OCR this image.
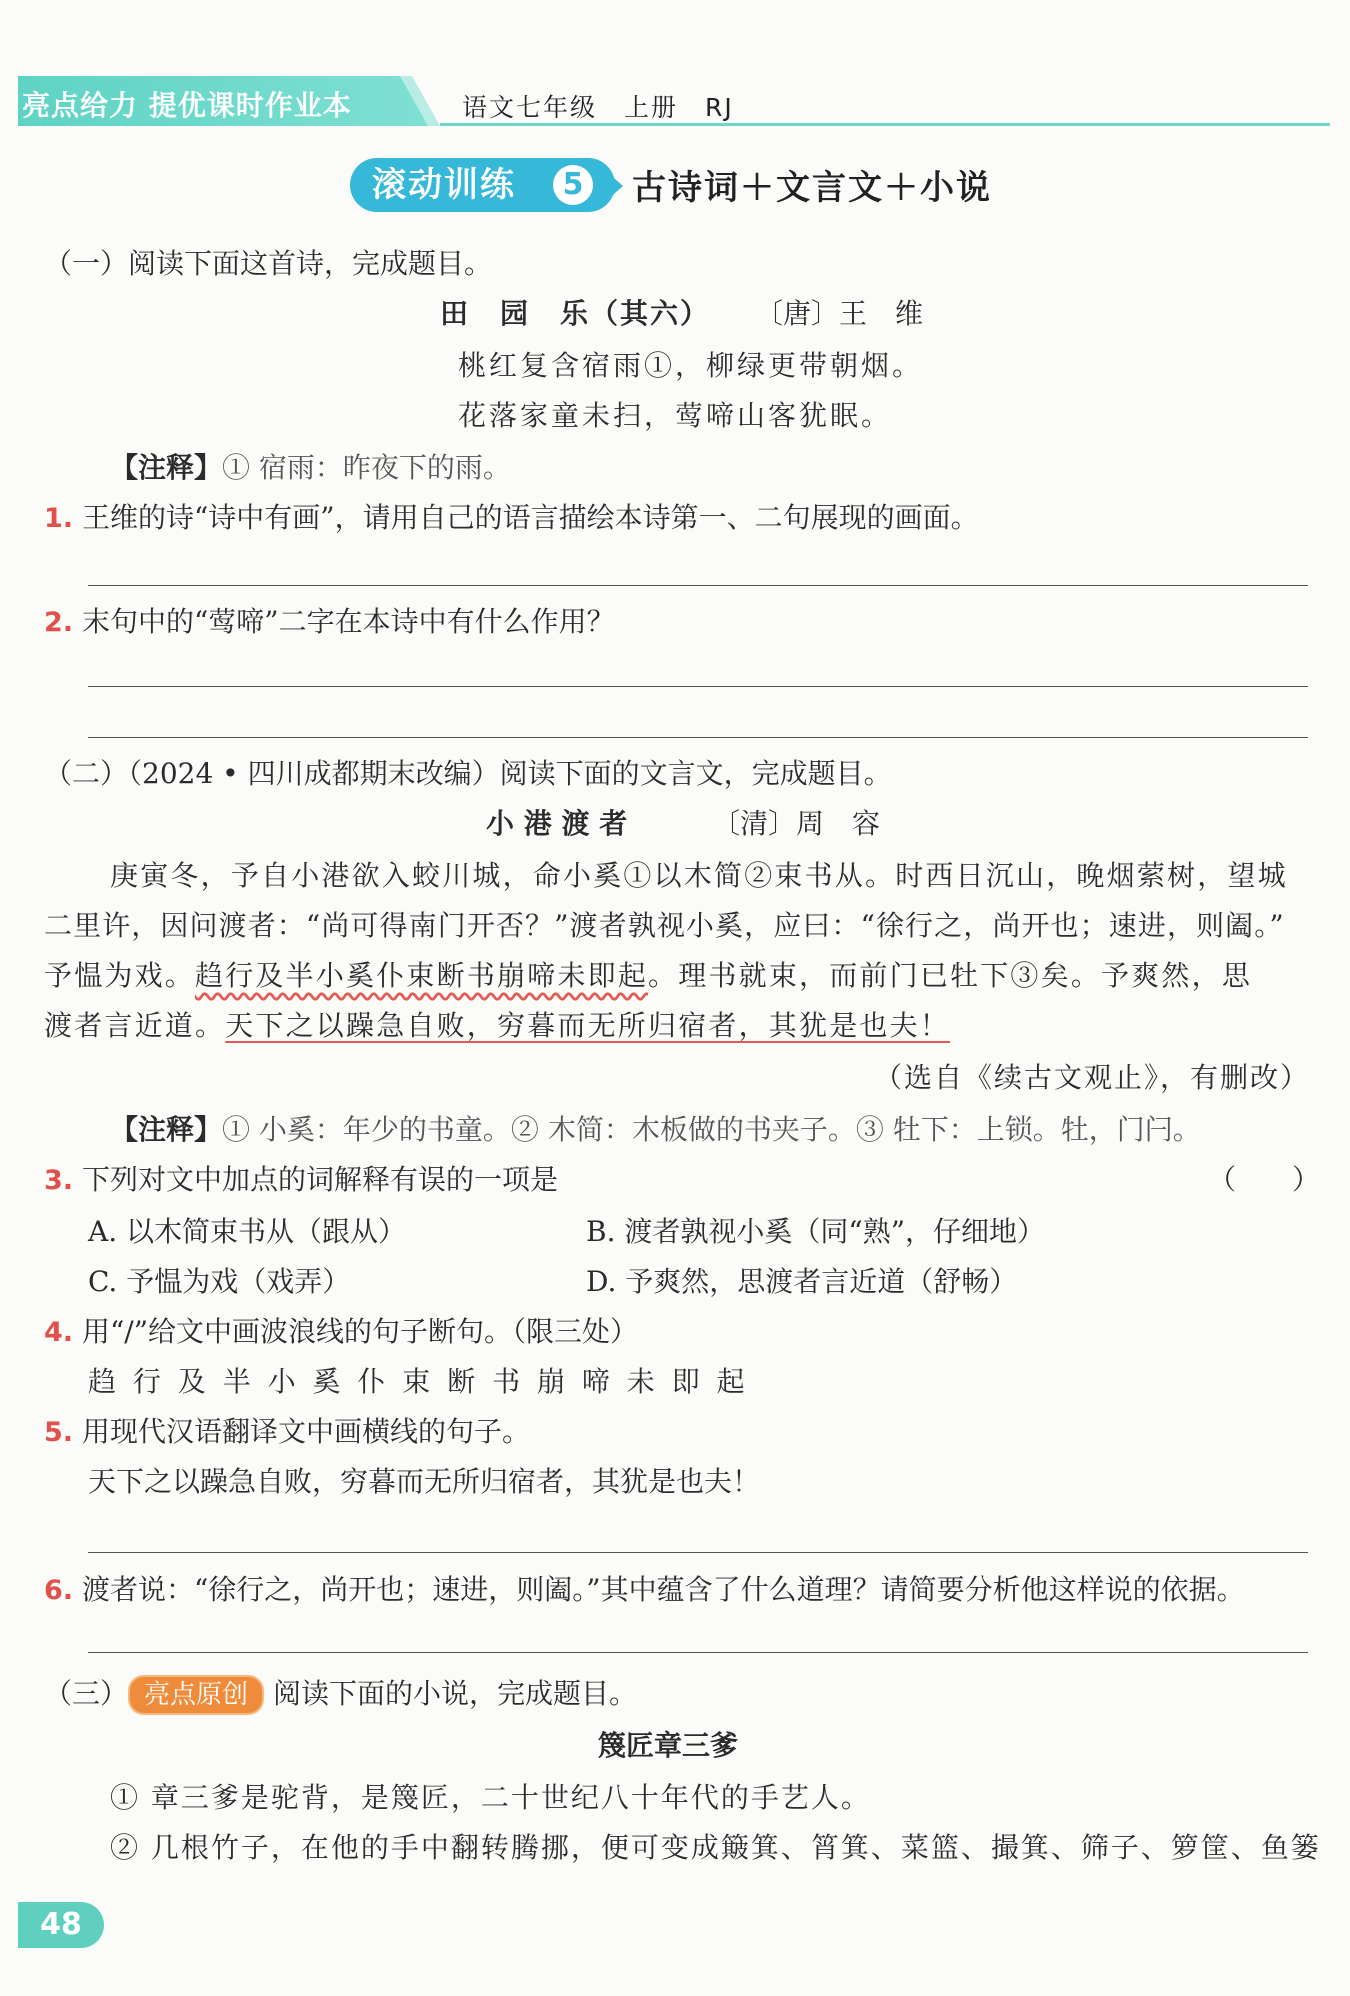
亮点给力 提优课时作业本	语文七年级　上册　RJ
滚动训练	5 古诗词＋文言文＋小说
（一）阅读下面这首诗，完成题目。
田　园　乐（其六） 〔唐〕王　维
桃红复含宿雨①，柳绿更带朝烟。
花落家童未扫，莺啼山客犹眠。
【注释】① 宿雨：昨夜下的雨。
1. 王维的诗“诗中有画”，请用自己的语言描绘本诗第一、二句展现的画面。
2. 末句中的“莺啼”二字在本诗中有什么作用？
（二）（2024 • 四川成都期末改编）阅读下面的文言文，完成题目。
小 港 渡 者	〔清〕周　容
庚寅冬，予自小港欲入蛟川城，命小奚①以木简②束书从。时西日沉山，晚烟萦树，望城
二里许，因问渡者：“尚可得南门开否？”渡者孰视小奚，应曰：“徐行之，尚开也；速进，则阖。”
予愠为戏。趋行及半小奚仆束断书崩啼未即起。理书就束，而前门已牡下③矣。予爽然，思
渡者言近道。天下之以躁急自败，穷暮而无所归宿者，其犹是也夫！
（选自《续古文观止》，有删改）
【注释】① 小奚：年少的书童。② 木简：木板做的书夹子。③ 牡下：上锁。牡，门闩。
3. 下列对文中加点的词解释有误的一项是	（　　）
A. 以木简束书从（跟从）	B. 渡者孰视小奚（同“熟”，仔细地）
C. 予愠为戏（戏弄）	D. 予爽然，思渡者言近道（舒畅）
4. 用“/”给文中画波浪线的句子断句。（限三处）
趋 行 及 半 小 奚 仆 束 断 书 崩 啼 未 即 起
5. 用现代汉语翻译文中画横线的句子。
天下之以躁急自败，穷暮而无所归宿者，其犹是也夫！
6. 渡者说：“徐行之，尚开也；速进，则阖。”其中蕴含了什么道理？请简要分析他这样说的依据。
（三） 亮点原创 阅读下面的小说，完成题目。
篾匠章三爹
① 章三爹是驼背，是篾匠，二十世纪八十年代的手艺人。
② 几根竹子，在他的手中翻转腾挪，便可变成簸箕、筲箕、菜篮、撮箕、筛子、箩筐、鱼篓
48
